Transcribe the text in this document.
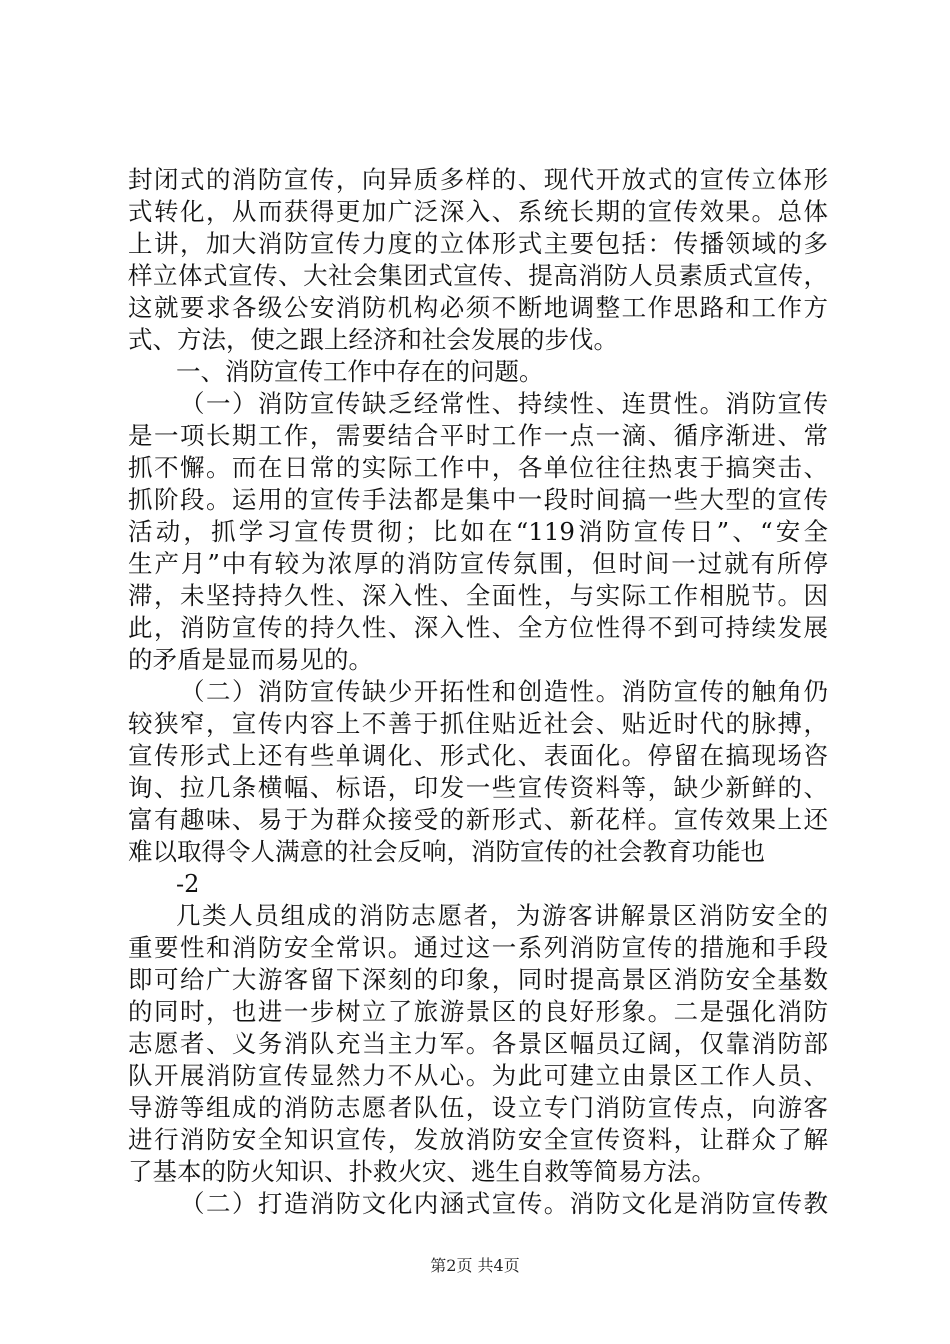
封闭式的消防宣传，向异质多样的、现代开放式的宣传立体形
式转化，从而获得更加广泛深入、系统长期的宣传效果。总体
上讲，加大消防宣传力度的立体形式主要包括：传播领域的多
样立体式宣传、大社会集团式宣传、提高消防人员素质式宣传，
这就要求各级公安消防机构必须不断地调整工作思路和工作方
式、方法，使之跟上经济和社会发展的步伐。
一、消防宣传工作中存在的问题。
（一）消防宣传缺乏经常性、持续性、连贯性。消防宣传
是一项长期工作，需要结合平时工作一点一滴、循序渐进、常
抓不懈。而在日常的实际工作中，各单位往往热衷于搞突击、
抓阶段。运用的宣传手法都是集中一段时间搞一些大型的宣传
活动，抓学习宣传贯彻；比如在“119消防宣传日”、“安全
生产月”中有较为浓厚的消防宣传氛围，但时间一过就有所停
滞，未坚持持久性、深入性、全面性，与实际工作相脱节。因
此，消防宣传的持久性、深入性、全方位性得不到可持续发展
的矛盾是显而易见的。
（二）消防宣传缺少开拓性和创造性。消防宣传的触角仍
较狭窄，宣传内容上不善于抓住贴近社会、贴近时代的脉搏，
宣传形式上还有些单调化、形式化、表面化。停留在搞现场咨
询、拉几条横幅、标语，印发一些宣传资料等，缺少新鲜的、
富有趣味、易于为群众接受的新形式、新花样。宣传效果上还
难以取得令人满意的社会反响，消防宣传的社会教育功能也
-2
几类人员组成的消防志愿者，为游客讲解景区消防安全的
重要性和消防安全常识。通过这一系列消防宣传的措施和手段
即可给广大游客留下深刻的印象，同时提高景区消防安全基数
的同时，也进一步树立了旅游景区的良好形象。二是强化消防
志愿者、义务消队充当主力军。各景区幅员辽阔，仅靠消防部
队开展消防宣传显然力不从心。为此可建立由景区工作人员、
导游等组成的消防志愿者队伍，设立专门消防宣传点，向游客
进行消防安全知识宣传，发放消防安全宣传资料，让群众了解
了基本的防火知识、扑救火灾、逃生自救等简易方法。
（二）打造消防文化内涵式宣传。消防文化是消防宣传教
第2页 共4页
